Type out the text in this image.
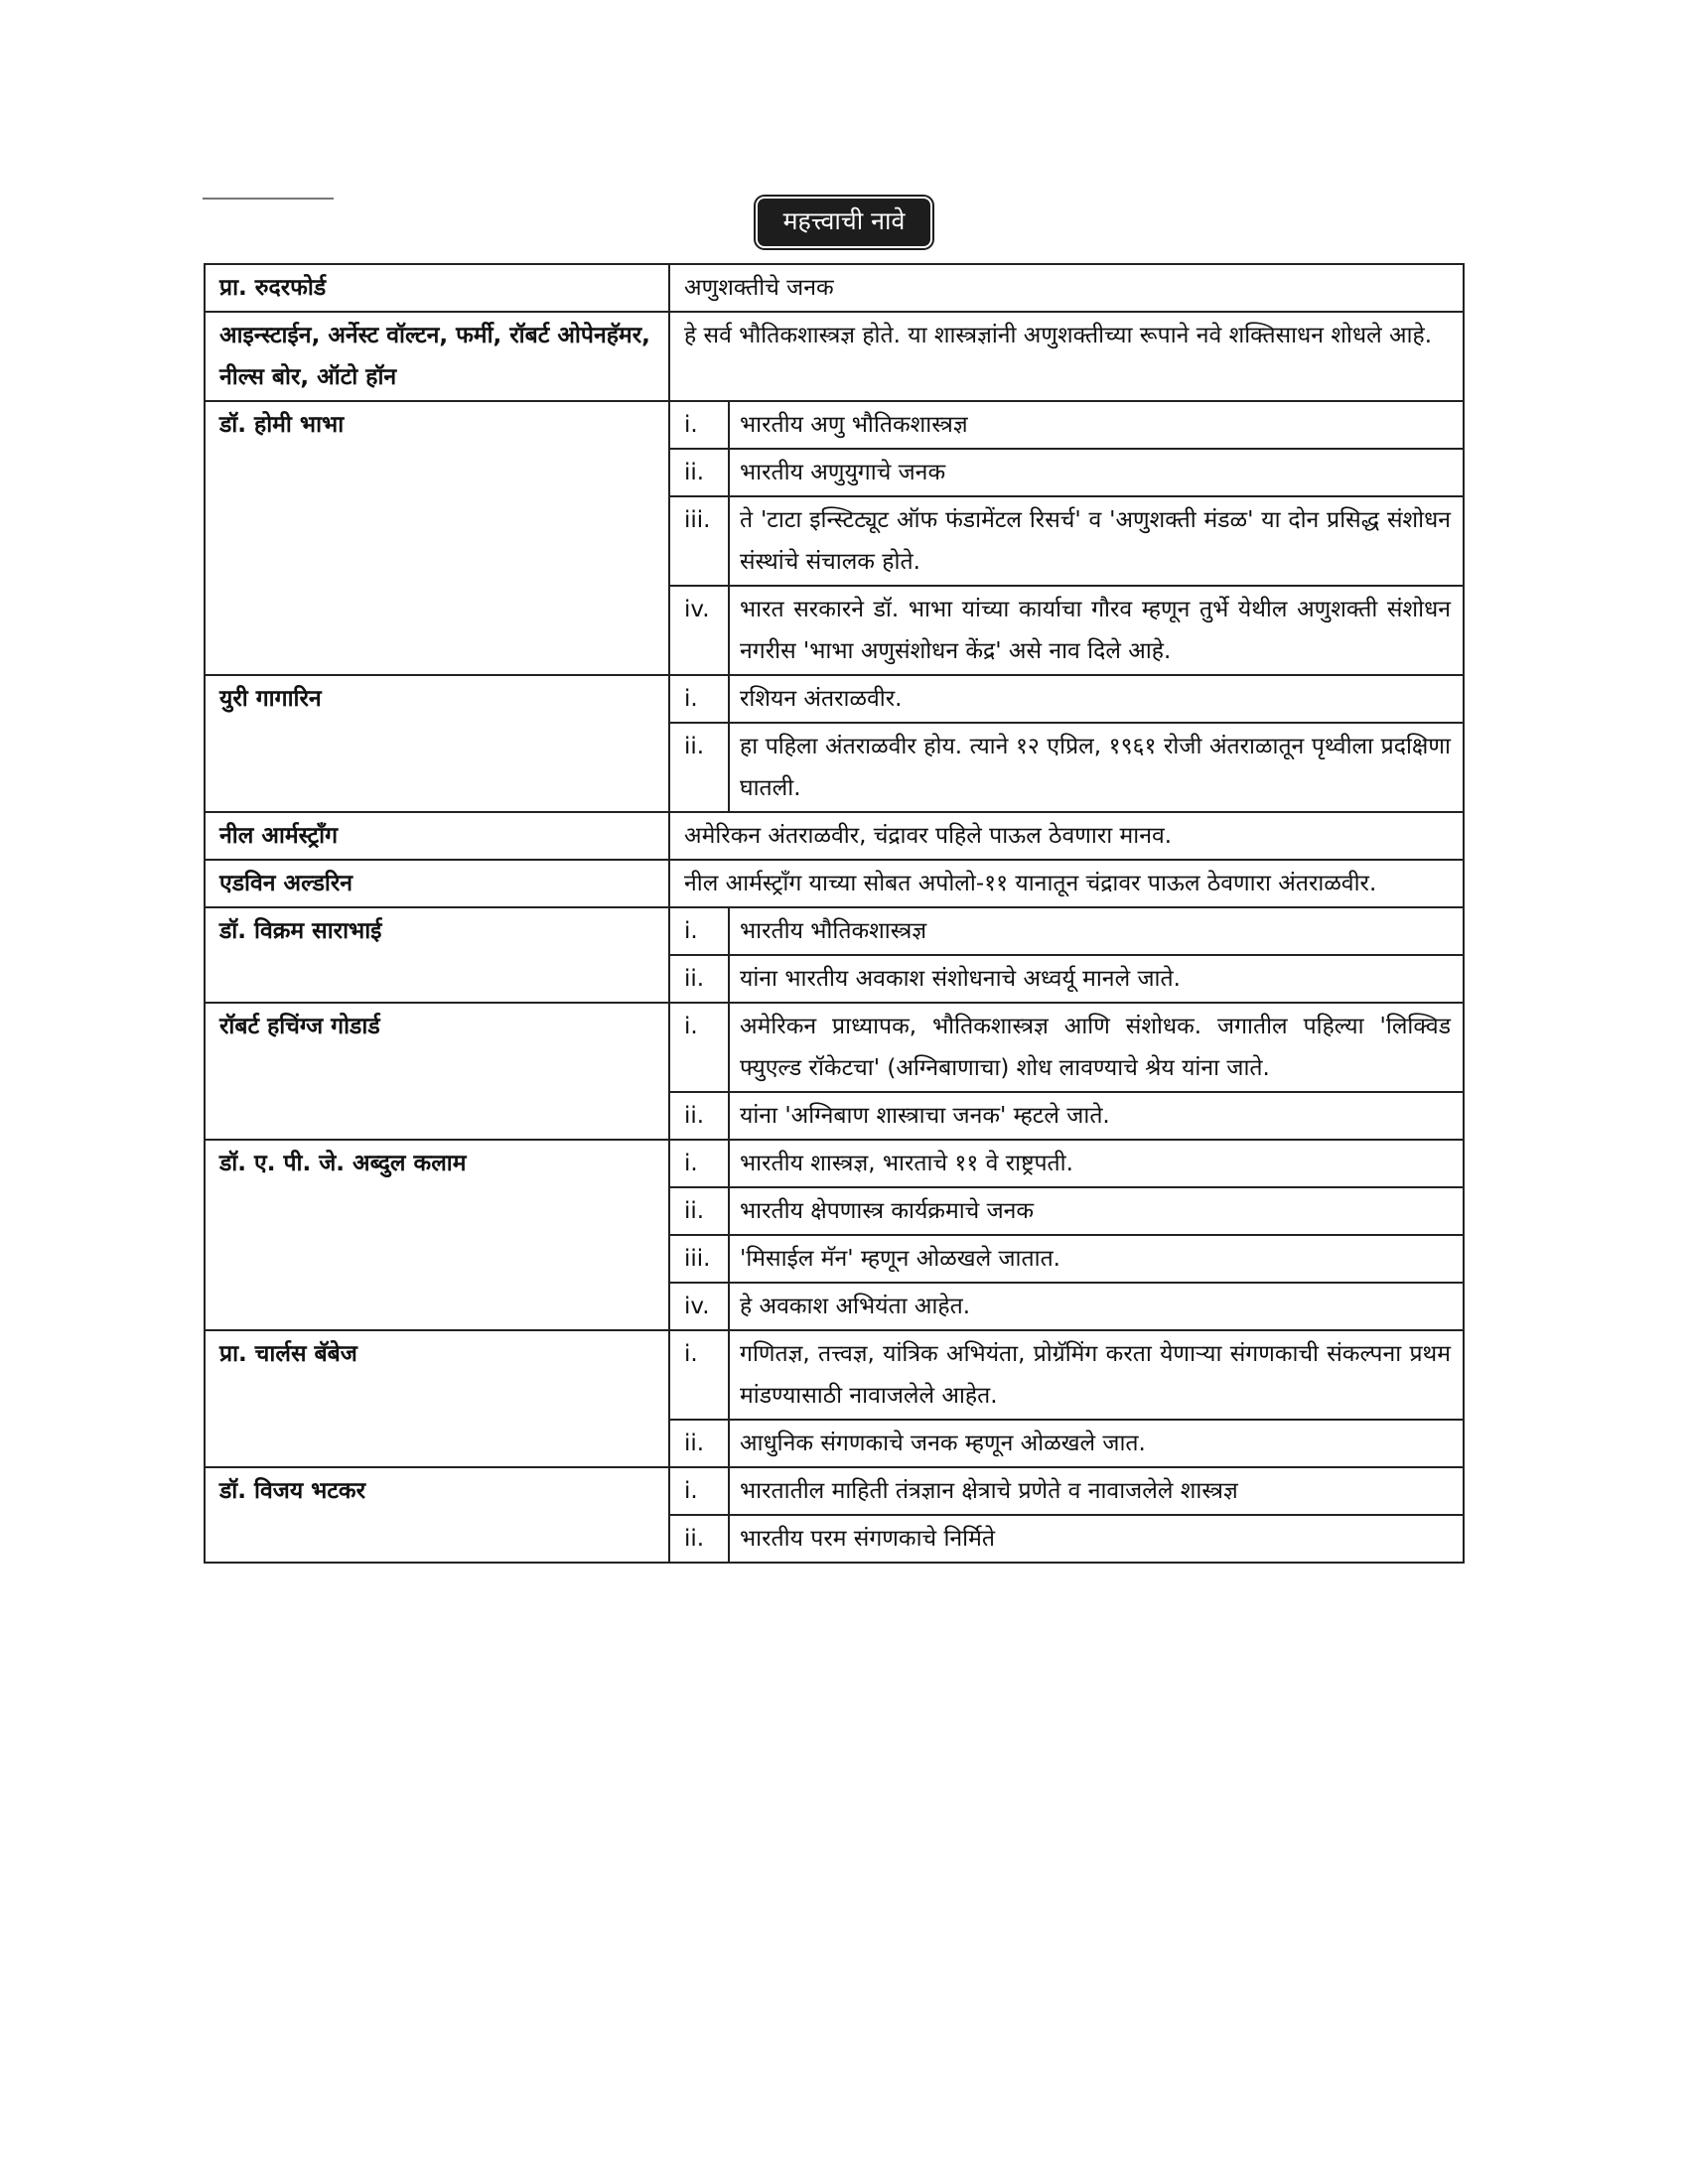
महत्त्वाची नावे
प्रा. रुदरफोर्ड	अणुशक्तीचे जनक
आइन्स्टाईन, अर्नेस्ट वॉल्टन, फर्मी, रॉबर्ट ओपेनहॅमर, नील्स बोर, ऑटो हॉन	हे सर्व भौतिकशास्त्रज्ञ होते. या शास्त्रज्ञांनी अणुशक्तीच्या रूपाने नवे शक्तिसाधन शोधले आहे.
डॉ. होमी भाभा		i.	भारतीय अणु भौतिकशास्त्रज्ञ
ii.	भारतीय अणुयुगाचे जनक
iii.	ते 'टाटा इन्स्टिट्यूट ऑफ फंडामेंटल रिसर्च' व 'अणुशक्ती मंडळ' या दोन प्रसिद्ध संशोधन संस्थांचे संचालक होते.
iv.	भारत सरकारने डॉ. भाभा यांच्या कार्याचा गौरव म्हणून तुर्भे येथील अणुशक्ती संशोधन नगरीस 'भाभा अणुसंशोधन केंद्र' असे नाव दिले आहे.

युरी गागारिन		i.	रशियन अंतराळवीर.
ii.	हा पहिला अंतराळवीर होय. त्याने १२ एप्रिल, १९६१ रोजी अंतराळातून पृथ्वीला प्रदक्षिणा घातली.

नील आर्मस्ट्राँग	अमेरिकन अंतराळवीर, चंद्रावर पहिले पाऊल ठेवणारा मानव.
एडविन अल्डरिन	नील आर्मस्ट्राँग याच्या सोबत अपोलो-११ यानातून चंद्रावर पाऊल ठेवणारा अंतराळवीर.
डॉ. विक्रम साराभाई		i.	भारतीय भौतिकशास्त्रज्ञ
ii.	यांना भारतीय अवकाश संशोधनाचे अध्वर्यू मानले जाते.

रॉबर्ट हचिंग्ज गोडार्ड		i.	अमेरिकन प्राध्यापक, भौतिकशास्त्रज्ञ आणि संशोधक. जगातील पहिल्या 'लिक्विड फ्युएल्ड रॉकेटचा' (अग्निबाणाचा) शोध लावण्याचे श्रेय यांना जाते.
ii.	यांना 'अग्निबाण शास्त्राचा जनक' म्हटले जाते.

डॉ. ए. पी. जे. अब्दुल कलाम		i.	भारतीय शास्त्रज्ञ, भारताचे ११ वे राष्ट्रपती.
ii.	भारतीय क्षेपणास्त्र कार्यक्रमाचे जनक
iii.	'मिसाईल मॅन' म्हणून ओळखले जातात.
iv.	हे अवकाश अभियंता आहेत.

प्रा. चार्लस बॅबेज		i.	गणितज्ञ, तत्त्वज्ञ, यांत्रिक अभियंता, प्रोग्रॅमिंग करता येणाऱ्या संगणकाची संकल्पना प्रथम मांडण्यासाठी नावाजलेले आहेत.
ii.	आधुनिक संगणकाचे जनक म्हणून ओळखले जात.

डॉ. विजय भटकर		i.	भारतातील माहिती तंत्रज्ञान क्षेत्राचे प्रणेते व नावाजलेले शास्त्रज्ञ
ii.	भारतीय परम संगणकाचे निर्मिते
